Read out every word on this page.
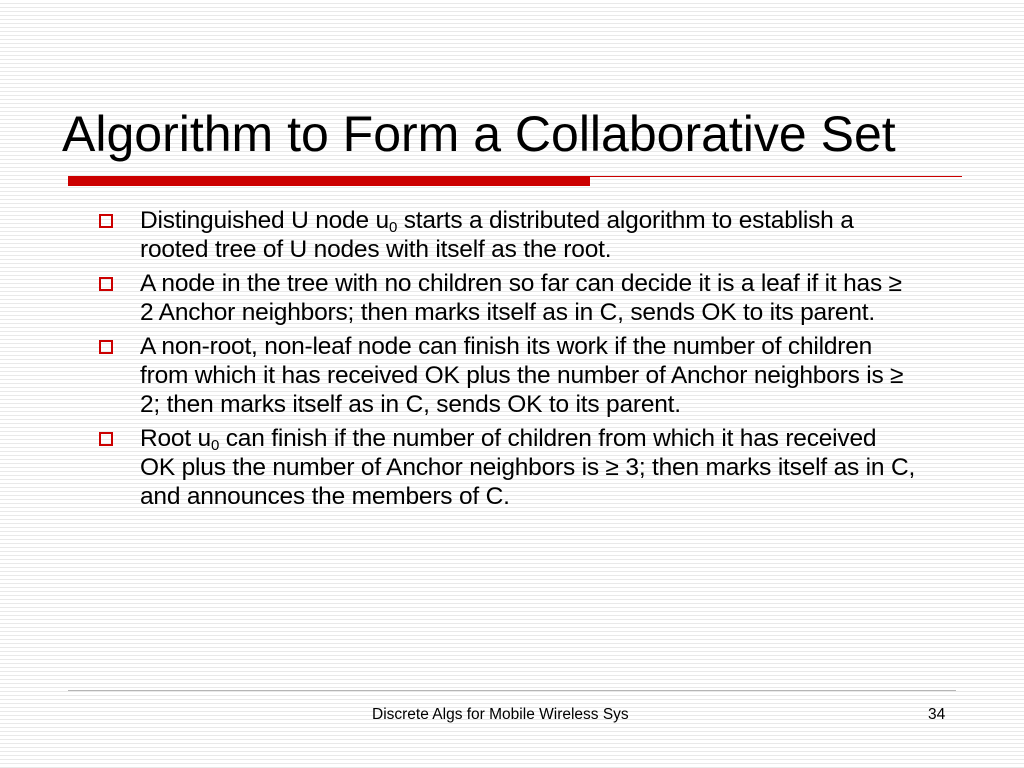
Algorithm to Form a Collaborative Set
Distinguished U node $u_0$ starts a distributed algorithm to establish a rooted tree of U nodes with itself as the root.
A node in the tree with no children so far can decide it is a leaf if it has ≥ 2 Anchor neighbors; then marks itself as in C, sends OK to its parent.
A non-root, non-leaf node can finish its work if the number of children from which it has received OK plus the number of Anchor neighbors is ≥ 2; then marks itself as in C, sends OK to its parent.
Root $u_0$ can finish if the number of children from which it has received OK plus the number of Anchor neighbors is ≥ 3; then marks itself as in C, and announces the members of C.
Discrete Algs for Mobile Wireless Sys	34
